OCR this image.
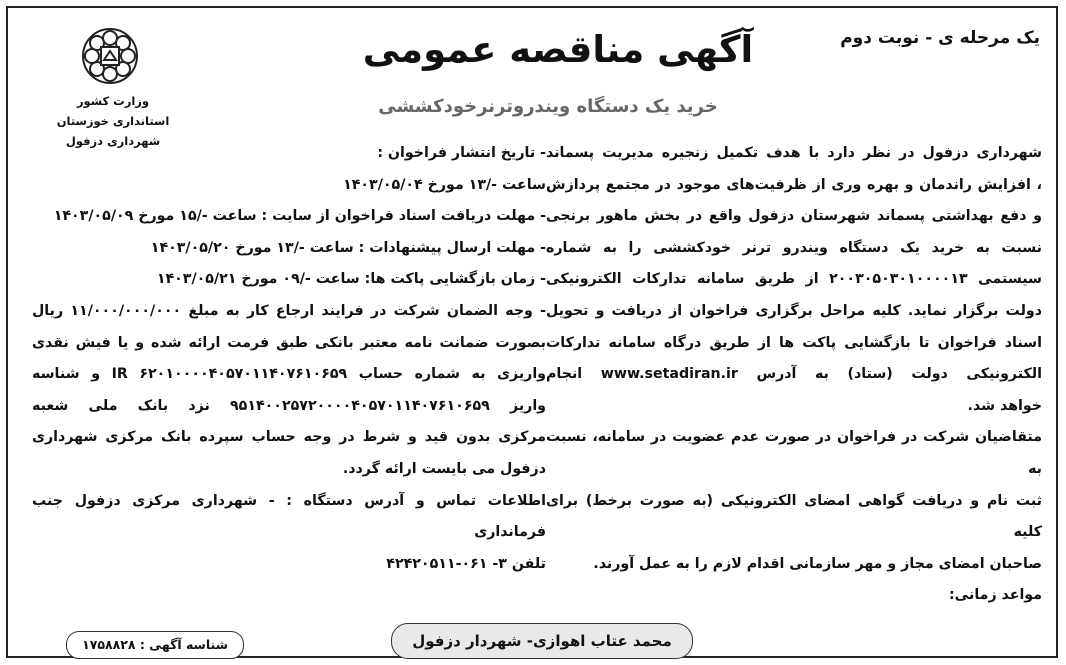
یک مرحله ی - نوبت دوم
آگهی مناقصه عمومی
خرید یک دستگاه ویندروترنرخودکششی
وزارت کشور
استانداری خوزستان
شهرداری دزفول
شهرداری دزفول در نظر دارد با هدف تکمیل زنجیره مدیریت پسماند
، افزایش راندمان و بهره وری از ظرفیت‌های موجود در مجتمع پردازش
و دفع بهداشتی پسماند شهرستان دزفول واقع در بخش ماهور برنجی
نسبت به خرید یک دستگاه ویندرو ترنر خودکششی را به شماره
سیستمی ۲۰۰۳۰۵۰۳۰۱۰۰۰۰۱۳ از طریق سامانه تدارکات الکترونیکی
دولت برگزار نماید. کلیه مراحل برگزاری فراخوان از دریافت و تحویل
اسناد فراخوان تا بازگشایی پاکت ها از طریق درگاه سامانه تدارکات
الکترونیکی دولت (ستاد) به آدرس www.setadiran.ir انجام
خواهد شد.
متقاضیان شرکت در فراخوان در صورت عدم عضویت در سامانه، نسبت به
ثبت نام و دریافت گواهی امضای الکترونیکی (به صورت برخط) برای کلیه
صاحبان امضای مجاز و مهر سازمانی اقدام لازم را به عمل آورند.
مواعد زمانی:
- تاریخ انتشار فراخوان :
ساعت -/۱۳ مورخ ۱۴۰۳/۰۵/۰۴
- مهلت دریافت اسناد فراخوان از سایت : ساعت -/۱۵ مورخ ۱۴۰۳/۰۵/۰۹
- مهلت ارسال پیشنهادات : ساعت -/۱۳ مورخ ۱۴۰۳/۰۵/۲۰
- زمان بازگشایی پاکت ها: ساعت -/۰۹ مورخ ۱۴۰۳/۰۵/۲۱
- وجه الضمان شرکت در فرایند ارجاع کار به مبلغ ۱۱/۰۰۰/۰۰۰/۰۰۰ ریال
بصورت ضمانت نامه معتبر بانکی طبق فرمت ارائه شده و یا فیش نقدی
واریزی به شماره حساب IR ۶۲۰۱۰۰۰۰۴۰۵۷۰۱۱۴۰۷۶۱۰۶۵۹ و شناسه
واریز ۹۵۱۴۰۰۲۵۷۲۰۰۰۰۴۰۵۷۰۱۱۴۰۷۶۱۰۶۵۹ نزد بانک ملی شعبه
مرکزی بدون قید و شرط در وجه حساب سپرده بانک مرکزی شهرداری
دزفول می بایست ارائه گردد.
اطلاعات تماس و آدرس دستگاه : - شهرداری مرکزی دزفول جنب فرمانداری
تلفن ۳- ۰۶۱-۴۲۴۲۰۵۱۱
محمد عتاب اهوازی- شهردار دزفول
شناسه آگهی : ۱۷۵۸۸۲۸
